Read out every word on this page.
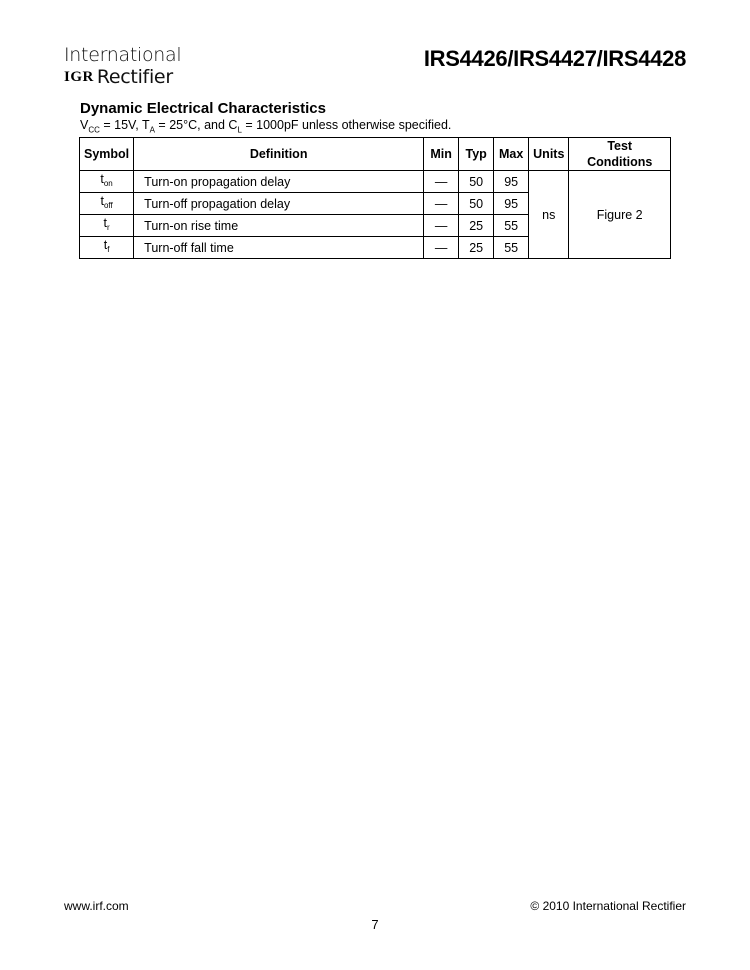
International
IGR Rectifier
IRS4426/IRS4427/IRS4428
Dynamic Electrical Characteristics
$V_{CC} = 15V$, $T_A = 25^\circ C$, and $C_L = 1000pF$ unless otherwise specified.
Symbol	Definition	Min	Typ	Max	Units	Test Conditions
$t_{on}$	Turn-on propagation delay	—	50	95	ns	Figure 2
$t_{off}$	Turn-off propagation delay	—	50	95		
$t_r$	Turn-on rise time	—	25	55		
$t_f$	Turn-off fall time	—	25	55		
www.irf.com	© 2010 International Rectifier
7
